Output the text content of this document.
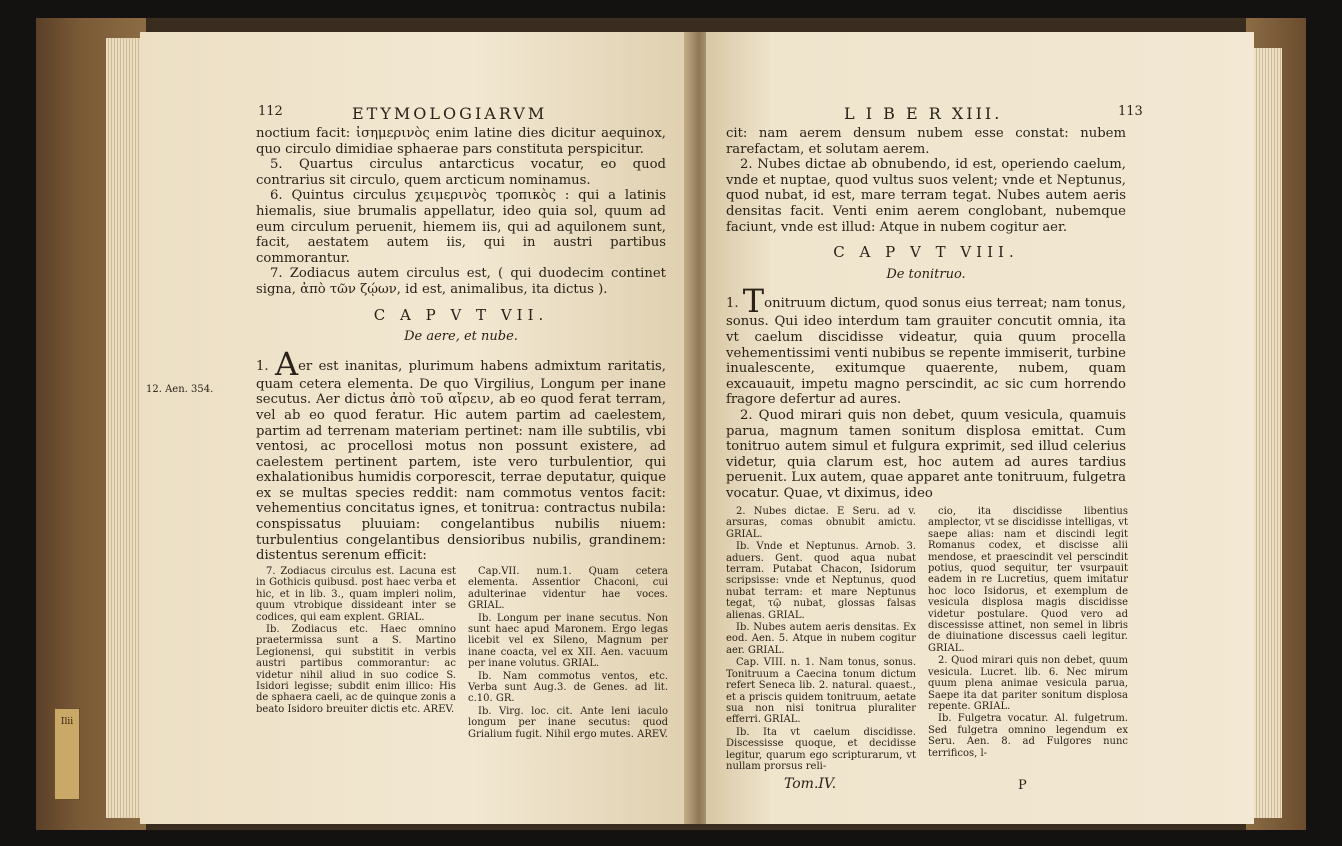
Ilii
112	ETYMOLOGIARVM

noctium facit: ἰσημερινὸς enim latine dies dicitur aequinox, quo circulo dimidiae sphaerae pars constituta perspicitur.

5. Quartus circulus antarcticus vocatur, eo quod contrarius sit circulo, quem arcticum nominamus.

6. Quintus circulus χειμερινὸς τροπικὸς : qui a latinis hiemalis, siue brumalis appellatur, ideo quia sol, quum ad eum circulum peruenit, hiemem iis, qui ad aquilonem sunt, facit, aestatem autem iis, qui in austri partibus commorantur.

7. Zodiacus autem circulus est, ( qui duodecim continet signa, ἀπὸ τῶν ζῴων, id est, animalibus, ita dictus ).

C A P V T VII.
De aere, et nube.

1. Aer est inanitas, plurimum habens admixtum raritatis, quam cetera elementa. De quo Virgilius, Longum per inane secutus. Aer dictus ἀπὸ τοῦ αἴρειν, ab eo quod ferat terram, vel ab eo quod feratur. Hic autem partim ad caelestem, partim ad terrenam materiam pertinet: nam ille subtilis, vbi ventosi, ac procellosi motus non possunt existere, ad caelestem pertinent partem, iste vero turbulentior, qui exhalationibus humidis corporescit, terrae deputatur, quique ex se multas species reddit: nam commotus ventos facit: vehementius concitatus ignes, et tonitrua: contractus nubila: conspissatus pluuiam: congelantibus nubilis niuem: turbulentius congelantibus densioribus nubilis, grandinem: distentus serenum efficit:

12. Aen. 354.

7. Zodiacus circulus est. Lacuna est in Gothicis quibusd. post haec verba et hic, et in lib. 3., quam impleri nolim, quum vtrobique dissideant inter se codices, qui eam explent. GRIAL.

Ib. Zodiacus etc. Haec omnino praetermissa sunt a S. Martino Legionensi, qui substitit in verbis austri partibus commorantur: ac videtur nihil aliud in suo codice S. Isidori legisse; subdit enim illico: His de sphaera caeli, ac de quinque zonis a beato Isidoro breuiter dictis etc. AREV.

Cap.VII. num.1. Quam cetera elementa. Assentior Chaconi, cui adulterinae videntur hae voces. GRIAL.

Ib. Longum per inane secutus. Non sunt haec apud Maronem. Ergo legas licebit vel ex Sileno, Magnum per inane coacta, vel ex XII. Aen. vacuum per inane volutus. GRIAL.

Ib. Nam commotus ventos, etc. Verba sunt Aug.3. de Genes. ad lit. c.10. GR.

Ib. Virg. loc. cit. Ante leni iaculo longum per inane secutus: quod Grialium fugit. Nihil ergo mutes. AREV.

L I B E R XIII.	113

cit: nam aerem densum nubem esse constat: nubem rarefactam, et solutam aerem.

2. Nubes dictae ab obnubendo, id est, operiendo caelum, vnde et nuptae, quod vultus suos velent; vnde et Neptunus, quod nubat, id est, mare terram tegat. Nubes autem aeris densitas facit. Venti enim aerem conglobant, nubemque faciunt, vnde est illud: Atque in nubem cogitur aer.

C A P V T VIII.
De tonitruo.

1. Tonitruum dictum, quod sonus eius terreat; nam tonus, sonus. Qui ideo interdum tam grauiter concutit omnia, ita vt caelum discidisse videatur, quia quum procella vehementissimi venti nubibus se repente immiserit, turbine inualescente, exitumque quaerente, nubem, quam excauauit, impetu magno perscindit, ac sic cum horrendo fragore defertur ad aures.

2. Quod mirari quis non debet, quum vesicula, quamuis parua, magnum tamen sonitum displosa emittat. Cum tonitruo autem simul et fulgura exprimit, sed illud celerius videtur, quia clarum est, hoc autem ad aures tardius peruenit. Lux autem, quae apparet ante tonitruum, fulgetra vocatur. Quae, vt diximus, ideo

2. Nubes dictae. E Seru. ad v. arsuras, comas obnubit amictu. GRIAL.

Ib. Vnde et Neptunus. Arnob. 3. aduers. Gent. quod aqua nubat terram. Putabat Chacon, Isidorum scripsisse: vnde et Neptunus, quod nubat terram: et mare Neptunus tegat, τῷ nubat, glossas falsas alienas. GRIAL.

Ib. Nubes autem aeris densitas. Ex eod. Aen. 5. Atque in nubem cogitur aer. GRIAL.

Cap. VIII. n. 1. Nam tonus, sonus. Tonitruum a Caecina tonum dictum refert Seneca lib. 2. natural. quaest., et a priscis quidem tonitruum, aetate sua non nisi tonitrua pluraliter efferri. GRIAL.

Ib. Ita vt caelum discidisse. Discessisse quoque, et decidisse legitur, quarum ego scripturarum, vt nullam prorsus reli-

cio, ita discidisse libentius amplector, vt se discidisse intelligas, vt saepe alias: nam et discindi legit Romanus codex, et discisse alii mendose, et praescindit vel perscindit potius, quod sequitur, ter vsurpauit eadem in re Lucretius, quem imitatur hoc loco Isidorus, et exemplum de vesicula displosa magis discidisse videtur postulare. Quod vero ad discessisse attinet, non semel in libris de diuinatione discessus caeli legitur. GRIAL.

2. Quod mirari quis non debet, quum vesicula. Lucret. lib. 6. Nec mirum quum plena animae vesicula parua, Saepe ita dat pariter sonitum displosa repente. GRIAL.

Ib. Fulgetra vocatur. Al. fulgetrum. Sed fulgetra omnino legendum ex Seru. Aen. 8. ad Fulgores nunc terrificos, l-

Tom.IV.	P
